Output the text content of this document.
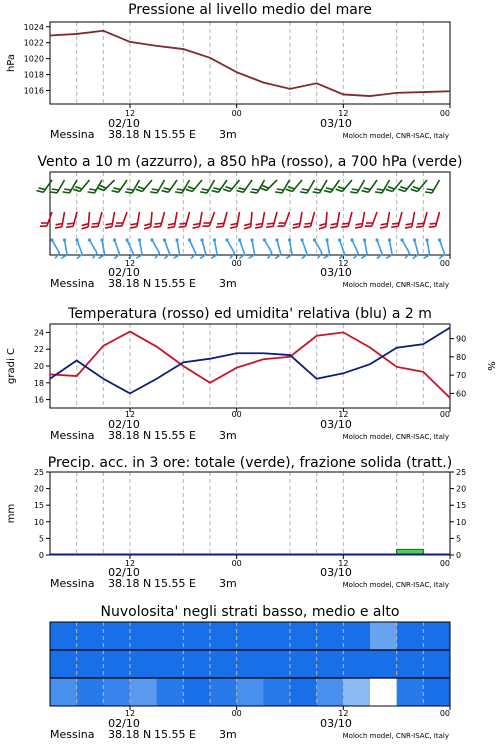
Pressione al livello medio del mare
12	00	12	00
02/10	03/10
Messina 38.18 N 15.55 E 3m	Moloch model, CNR-ISAC, Italy
1016
1018
1020
1022
1024
hPa
Vento a 10 m (azzurro), a 850 hPa (rosso), a 700 hPa (verde)
12	00	12	00
02/10	03/10
Messina 38.18 N 15.55 E 3m	Moloch model, CNR-ISAC, Italy
Temperatura (rosso) ed umidita' relativa (blu) a 2 m
12	00	12	00
02/10	03/10
Messina 38.18 N 15.55 E 3m	Moloch model, CNR-ISAC, Italy
16
18
20
22
24
60
70
80
90
gradi C	%
Precip. acc. in 3 ore: totale (verde), frazione solida (tratt.)
12	00	12	00
02/10	03/10
Messina 38.18 N 15.55 E 3m	Moloch model, CNR-ISAC, Italy
0	0
5	5
10	10
15	15
20	20
25	25
mm
Nuvolosita' negli strati basso, medio e alto
12	00	12	00
02/10	03/10
Messina 38.18 N 15.55 E 3m	Moloch model, CNR-ISAC, Italy
